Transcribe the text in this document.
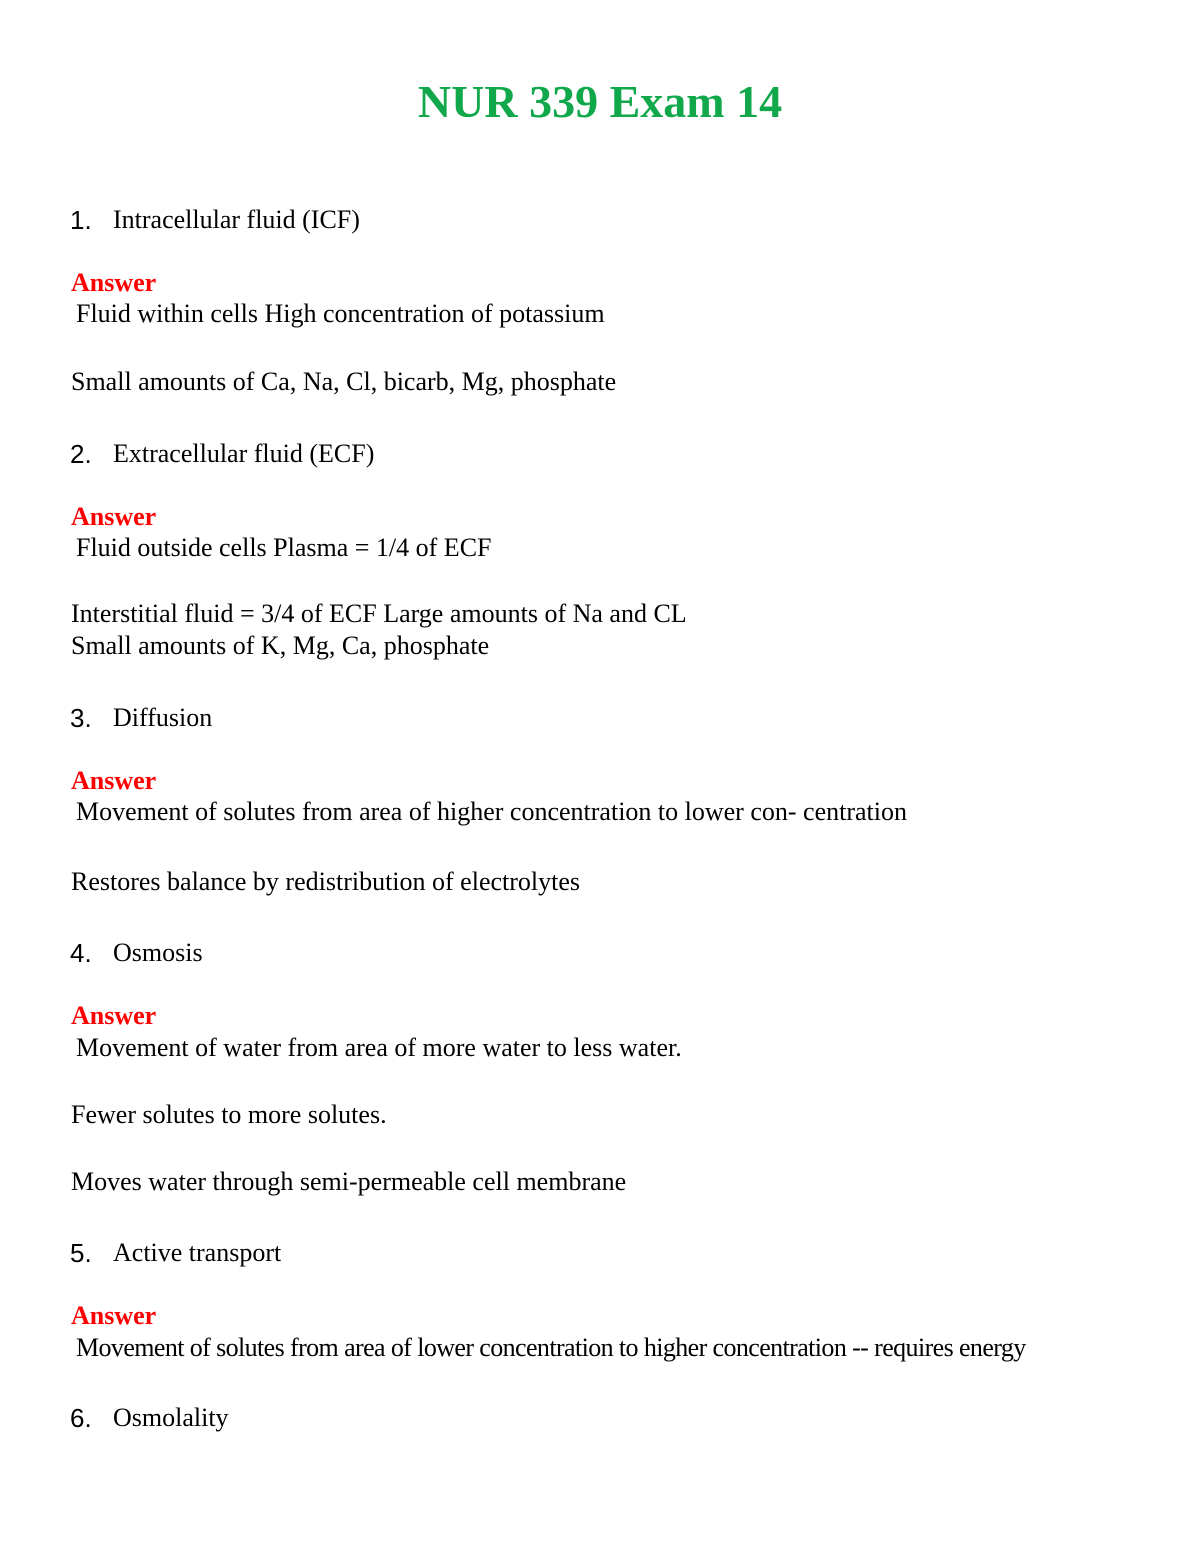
NUR 339 Exam 14
1. Intracellular fluid (ICF)
Answer
Fluid within cells High concentration of potassium
Small amounts of Ca, Na, Cl, bicarb, Mg, phosphate
2. Extracellular fluid (ECF)
Answer
Fluid outside cells Plasma = 1/4 of ECF
Interstitial fluid = 3/4 of ECF Large amounts of Na and CL
Small amounts of K, Mg, Ca, phosphate
3. Diffusion
Answer
Movement of solutes from area of higher concentration to lower con- centration
Restores balance by redistribution of electrolytes
4. Osmosis
Answer
Movement of water from area of more water to less water.
Fewer solutes to more solutes.
Moves water through semi-permeable cell membrane
5. Active transport
Answer
Movement of solutes from area of lower concentration to higher concentration -- requires energy
6. Osmolality
